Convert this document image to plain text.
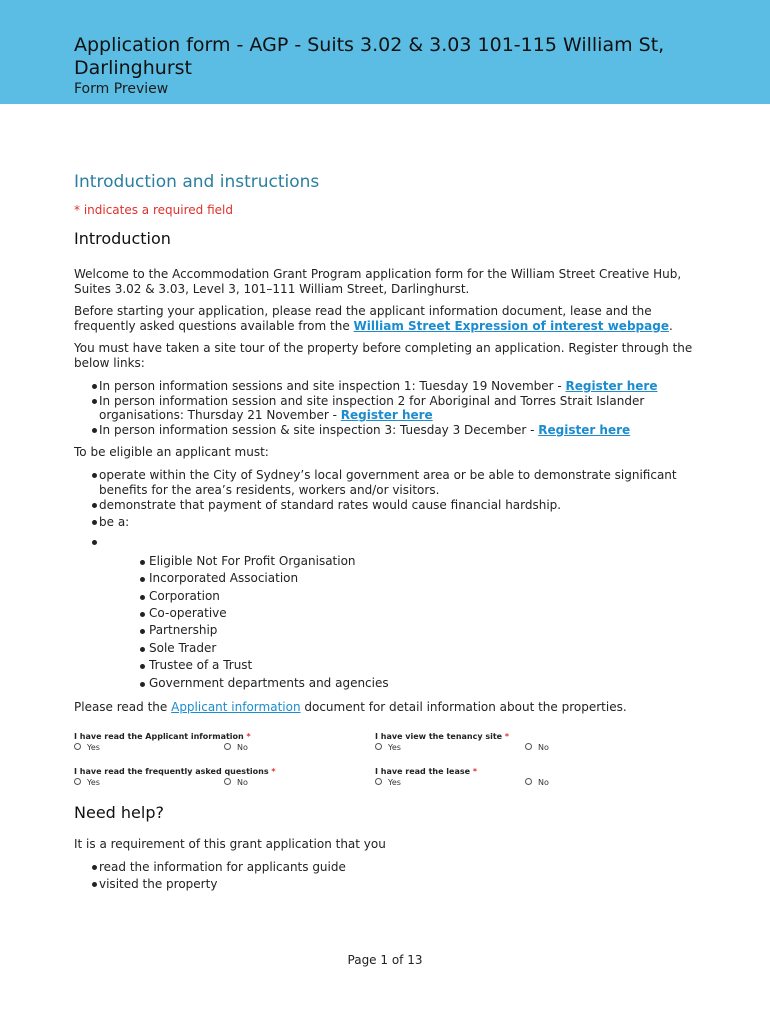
Application form - AGP - Suits 3.02 & 3.03 101-115 William St, Darlinghurst
Form Preview
Introduction and instructions
* indicates a required field
Introduction

Welcome to the Accommodation Grant Program application form for the William Street Creative Hub, Suites 3.02 & 3.03, Level 3, 101–111 William Street, Darlinghurst.

Before starting your application, please read the applicant information document, lease and the frequently asked questions available from the William Street Expression of interest webpage.

You must have taken a site tour of the property before completing an application. Register through the below links:

In person information sessions and site inspection 1: Tuesday 19 November - Register here
In person information session and site inspection 2 for Aboriginal and Torres Strait Islander organisations: Thursday 21 November - Register here
In person information session & site inspection 3: Tuesday 3 December - Register here

To be eligible an applicant must:

operate within the City of Sydney’s local government area or be able to demonstrate significant benefits for the area’s residents, workers and/or visitors.
demonstrate that payment of standard rates would cause financial hardship.
be a:
Eligible Not For Profit Organisation
Incorporated Association
Corporation
Co-operative
Partnership
Sole Trader
Trustee of a Trust
Government departments and agencies

Please read the Applicant information document for detail information about the properties.

I have read the Applicant information *
Yes	No
I have view the tenancy site *
Yes	No
I have read the frequently asked questions *
Yes	No
I have read the lease *
Yes	No
Need help?

It is a requirement of this grant application that you

read the information for applicants guide
visited the property
Page 1 of 13
